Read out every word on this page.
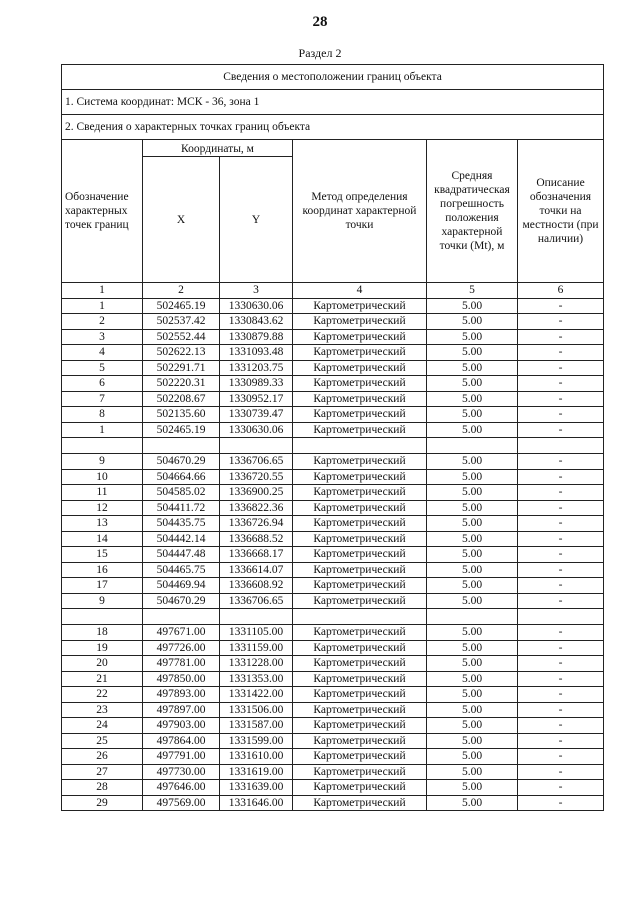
28
Раздел 2
Сведения о местоположении границ объекта					
1. Система координат: МСК - 36, зона 1					
2. Сведения о характерных точках границ объекта					
Обозначение характерных точек границ	Координаты, м		Метод определения координат характерной точки	Средняя квадратическая погрешность положения характерной точки (Mt), м	Описание обозначения точки на местности (при наличии)
	X	Y			
1	2	3	4	5	6
1	502465.19	1330630.06	Картометрический	5.00	-
2	502537.42	1330843.62	Картометрический	5.00	-
3	502552.44	1330879.88	Картометрический	5.00	-
4	502622.13	1331093.48	Картометрический	5.00	-
5	502291.71	1331203.75	Картометрический	5.00	-
6	502220.31	1330989.33	Картометрический	5.00	-
7	502208.67	1330952.17	Картометрический	5.00	-
8	502135.60	1330739.47	Картометрический	5.00	-
1	502465.19	1330630.06	Картометрический	5.00	-

9	504670.29	1336706.65	Картометрический	5.00	-
10	504664.66	1336720.55	Картометрический	5.00	-
11	504585.02	1336900.25	Картометрический	5.00	-
12	504411.72	1336822.36	Картометрический	5.00	-
13	504435.75	1336726.94	Картометрический	5.00	-
14	504442.14	1336688.52	Картометрический	5.00	-
15	504447.48	1336668.17	Картометрический	5.00	-
16	504465.75	1336614.07	Картометрический	5.00	-
17	504469.94	1336608.92	Картометрический	5.00	-
9	504670.29	1336706.65	Картометрический	5.00	-

18	497671.00	1331105.00	Картометрический	5.00	-
19	497726.00	1331159.00	Картометрический	5.00	-
20	497781.00	1331228.00	Картометрический	5.00	-
21	497850.00	1331353.00	Картометрический	5.00	-
22	497893.00	1331422.00	Картометрический	5.00	-
23	497897.00	1331506.00	Картометрический	5.00	-
24	497903.00	1331587.00	Картометрический	5.00	-
25	497864.00	1331599.00	Картометрический	5.00	-
26	497791.00	1331610.00	Картометрический	5.00	-
27	497730.00	1331619.00	Картометрический	5.00	-
28	497646.00	1331639.00	Картометрический	5.00	-
29	497569.00	1331646.00	Картометрический	5.00	-
